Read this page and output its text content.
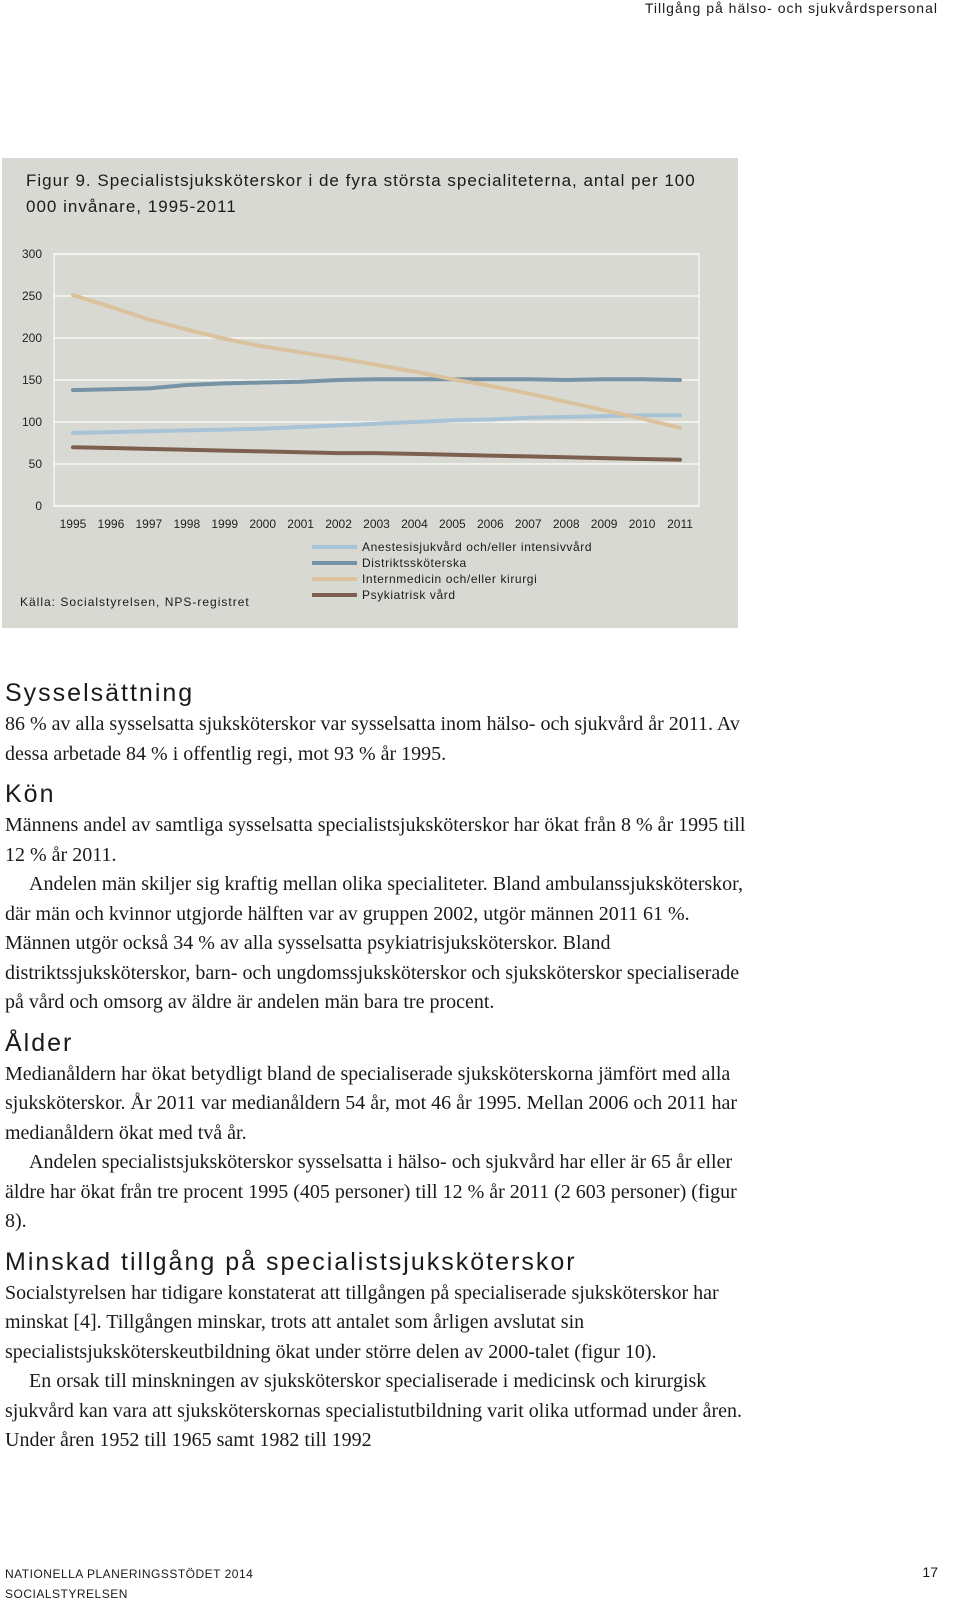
Tillgång på hälso- och sjukvårdspersonal
Figur 9. Specialistsjuksköterskor i de fyra största specialiteterna, antal per 100 000 invånare, 1995-2011
0
50
100
150
200
250
300
1995 1996 1997 1998 1999 2000 2001 2002 2003 2004 2005 2006 2007 2008 2009 2010 2011
Anestesisjukvård och/eller intensivvård
Distriktssköterska
Internmedicin och/eller kirurgi
Psykiatrisk vård
Källa: Socialstyrelsen, NPS-registret
Sysselsättning

86 % av alla sysselsatta sjuksköterskor var sysselsatta inom hälso- och sjukvård år 2011. Av dessa arbetade 84 % i offentlig regi, mot 93 % år 1995.

Kön

Männens andel av samtliga sysselsatta specialistsjuksköterskor har ökat från 8 % år 1995 till 12 % år 2011.

Andelen män skiljer sig kraftig mellan olika specialiteter. Bland ambulanssjuksköterskor, där män och kvinnor utgjorde hälften var av gruppen 2002, utgör männen 2011 61 %. Männen utgör också 34 % av alla sysselsatta psykiatrisjuksköterskor. Bland distriktssjuksköterskor, barn- och ungdomssjuksköterskor och sjuksköterskor specialiserade på vård och omsorg av äldre är andelen män bara tre procent.

Ålder

Medianåldern har ökat betydligt bland de specialiserade sjuksköterskorna jämfört med alla sjuksköterskor. År 2011 var medianåldern 54 år, mot 46 år 1995. Mellan 2006 och 2011 har medianåldern ökat med två år.

Andelen specialistsjuksköterskor sysselsatta i hälso- och sjukvård har eller är 65 år eller äldre har ökat från tre procent 1995 (405 personer) till 12 % år 2011 (2 603 personer) (figur 8).

Minskad tillgång på specialistsjuksköterskor

Socialstyrelsen har tidigare konstaterat att tillgången på specialiserade sjuksköterskor har minskat [4]. Tillgången minskar, trots att antalet som årligen avslutat sin specialistsjuksköterskeutbildning ökat under större delen av 2000-talet (figur 10).

En orsak till minskningen av sjuksköterskor specialiserade i medicinsk och kirurgisk sjukvård kan vara att sjuksköterskornas specialistutbildning varit olika utformad under åren. Under åren 1952 till 1965 samt 1982 till 1992

NATIONELLA PLANERINGSSTÖDET 2014
SOCIALSTYRELSEN
17
